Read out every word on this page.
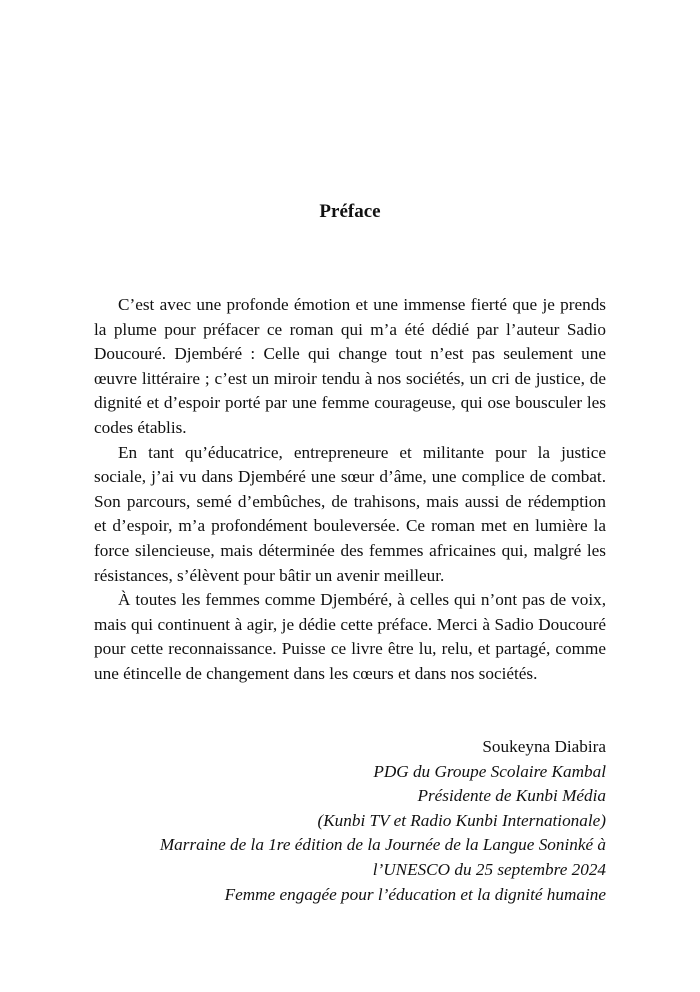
Préface

C’est avec une profonde émotion et une immense fierté que je prends la plume pour préfacer ce roman qui m’a été dédié par l’auteur Sadio Doucouré. Djembéré : Celle qui change tout n’est pas seulement une œuvre littéraire ; c’est un miroir tendu à nos sociétés, un cri de justice, de dignité et d’espoir porté par une femme courageuse, qui ose bousculer les codes établis.

En tant qu’éducatrice, entrepreneure et militante pour la justice sociale, j’ai vu dans Djembéré une sœur d’âme, une complice de combat. Son parcours, semé d’embûches, de trahisons, mais aussi de rédemption et d’espoir, m’a profondément bouleversée. Ce roman met en lumière la force silencieuse, mais déterminée des femmes africaines qui, malgré les résistances, s’élèvent pour bâtir un avenir meilleur.

À toutes les femmes comme Djembéré, à celles qui n’ont pas de voix, mais qui continuent à agir, je dédie cette préface. Merci à Sadio Doucouré pour cette reconnaissance. Puisse ce livre être lu, relu, et partagé, comme une étincelle de changement dans les cœurs et dans nos sociétés.

Soukeyna Diabira
PDG du Groupe Scolaire Kambal
Présidente de Kunbi Média
(Kunbi TV et Radio Kunbi Internationale)
Marraine de la 1re édition de la Journée de la Langue Soninké à
l’UNESCO du 25 septembre 2024
Femme engagée pour l’éducation et la dignité humaine
